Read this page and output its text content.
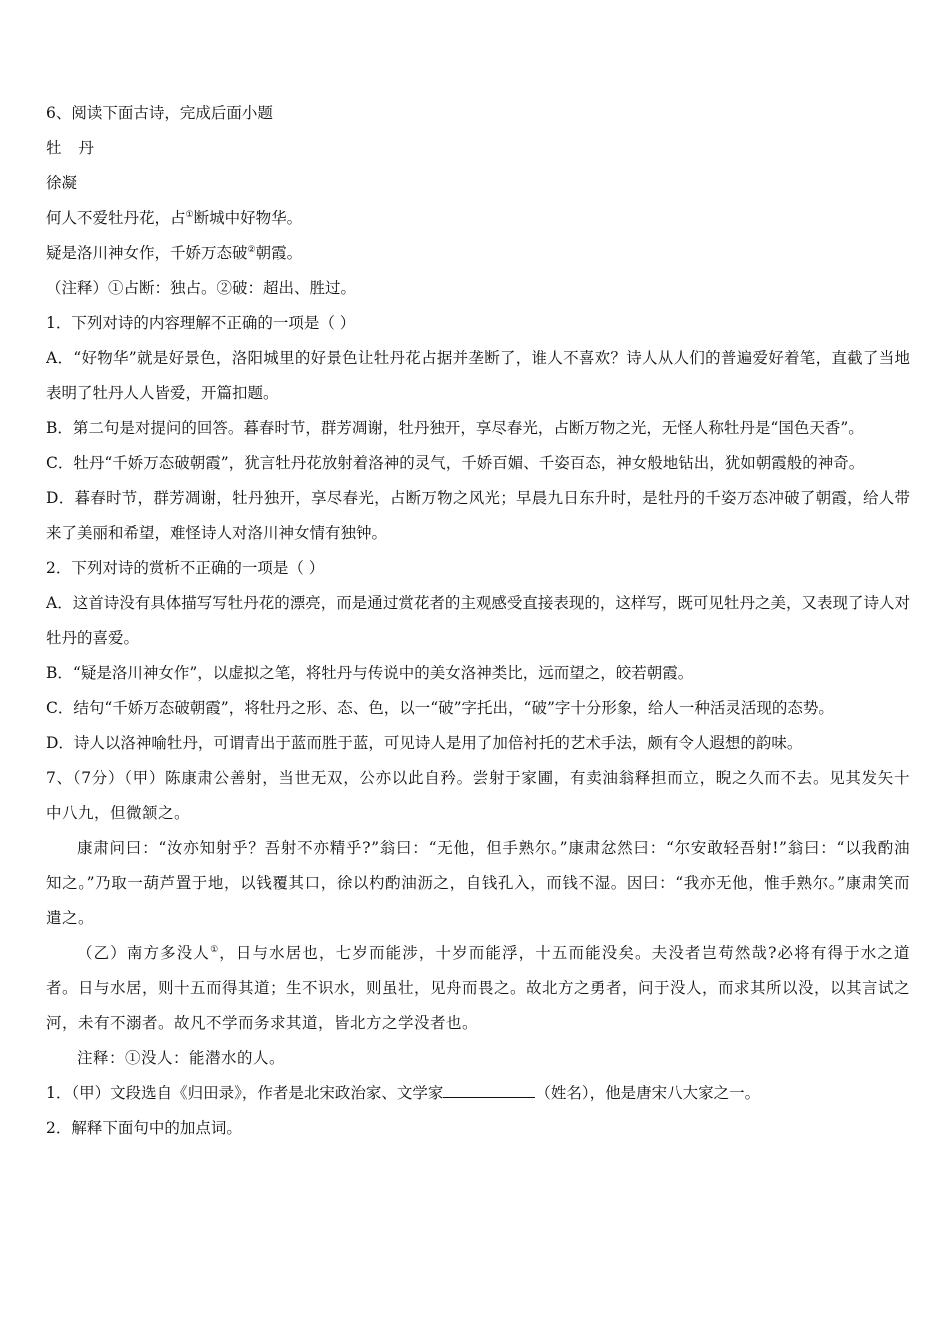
6、阅读下面古诗，完成后面小题

牡 丹

徐凝

何人不爱牡丹花，占①断城中好物华。

疑是洛川神女作，千娇万态破②朝霞。

（注释）①占断：独占。②破：超出、胜过。

1．下列对诗的内容理解不正确的一项是（ ）

A．“好物华”就是好景色，洛阳城里的好景色让牡丹花占据并垄断了，谁人不喜欢？诗人从人们的普遍爱好着笔，直截了当地表明了牡丹人人皆爱，开篇扣题。

B．第二句是对提问的回答。暮春时节，群芳凋谢，牡丹独开，享尽春光，占断万物之光，无怪人称牡丹是“国色天香”。

C．牡丹“千娇万态破朝霞”，犹言牡丹花放射着洛神的灵气，千娇百媚、千姿百态，神女般地钻出，犹如朝霞般的神奇。

D．暮春时节，群芳凋谢，牡丹独开，享尽春光，占断万物之风光；早晨九日东升时，是牡丹的千姿万态冲破了朝霞，给人带来了美丽和希望，难怪诗人对洛川神女情有独钟。

2．下列对诗的赏析不正确的一项是（ ）

A．这首诗没有具体描写写牡丹花的漂亮，而是通过赏花者的主观感受直接表现的，这样写，既可见牡丹之美，又表现了诗人对牡丹的喜爱。

B．“疑是洛川神女作”，以虚拟之笔，将牡丹与传说中的美女洛神类比，远而望之，皎若朝霞。

C．结句“千娇万态破朝霞”，将牡丹之形、态、色，以一“破”字托出，“破”字十分形象，给人一种活灵活现的态势。

D．诗人以洛神喻牡丹，可谓青出于蓝而胜于蓝，可见诗人是用了加倍衬托的艺术手法，颇有令人遐想的韵味。

7、（7分）（甲）陈康肃公善射，当世无双，公亦以此自矜。尝射于家圃，有卖油翁释担而立，睨之久而不去。见其发矢十中八九，但微颔之。

康肃问曰：“汝亦知射乎？吾射不亦精乎?”翁曰：“无他，但手熟尔。”康肃忿然曰：“尔安敢轻吾射!”翁曰：“以我酌油知之。”乃取一葫芦置于地，以钱覆其口，徐以杓酌油沥之，自钱孔入，而钱不湿。因曰：“我亦无他，惟手熟尔。”康肃笑而遣之。

（乙）南方多没人①，日与水居也，七岁而能涉，十岁而能浮，十五而能没矣。夫没者岂苟然哉?必将有得于水之道者。日与水居，则十五而得其道；生不识水，则虽壮，见舟而畏之。故北方之勇者，问于没人，而求其所以没，以其言试之河，未有不溺者。故凡不学而务求其道，皆北方之学没者也。

注释：①没人：能潜水的人。

1．（甲）文段选自《归田录》，作者是北宋政治家、文学家	（姓名），他是唐宋八大家之一。

2．解释下面句中的加点词。
